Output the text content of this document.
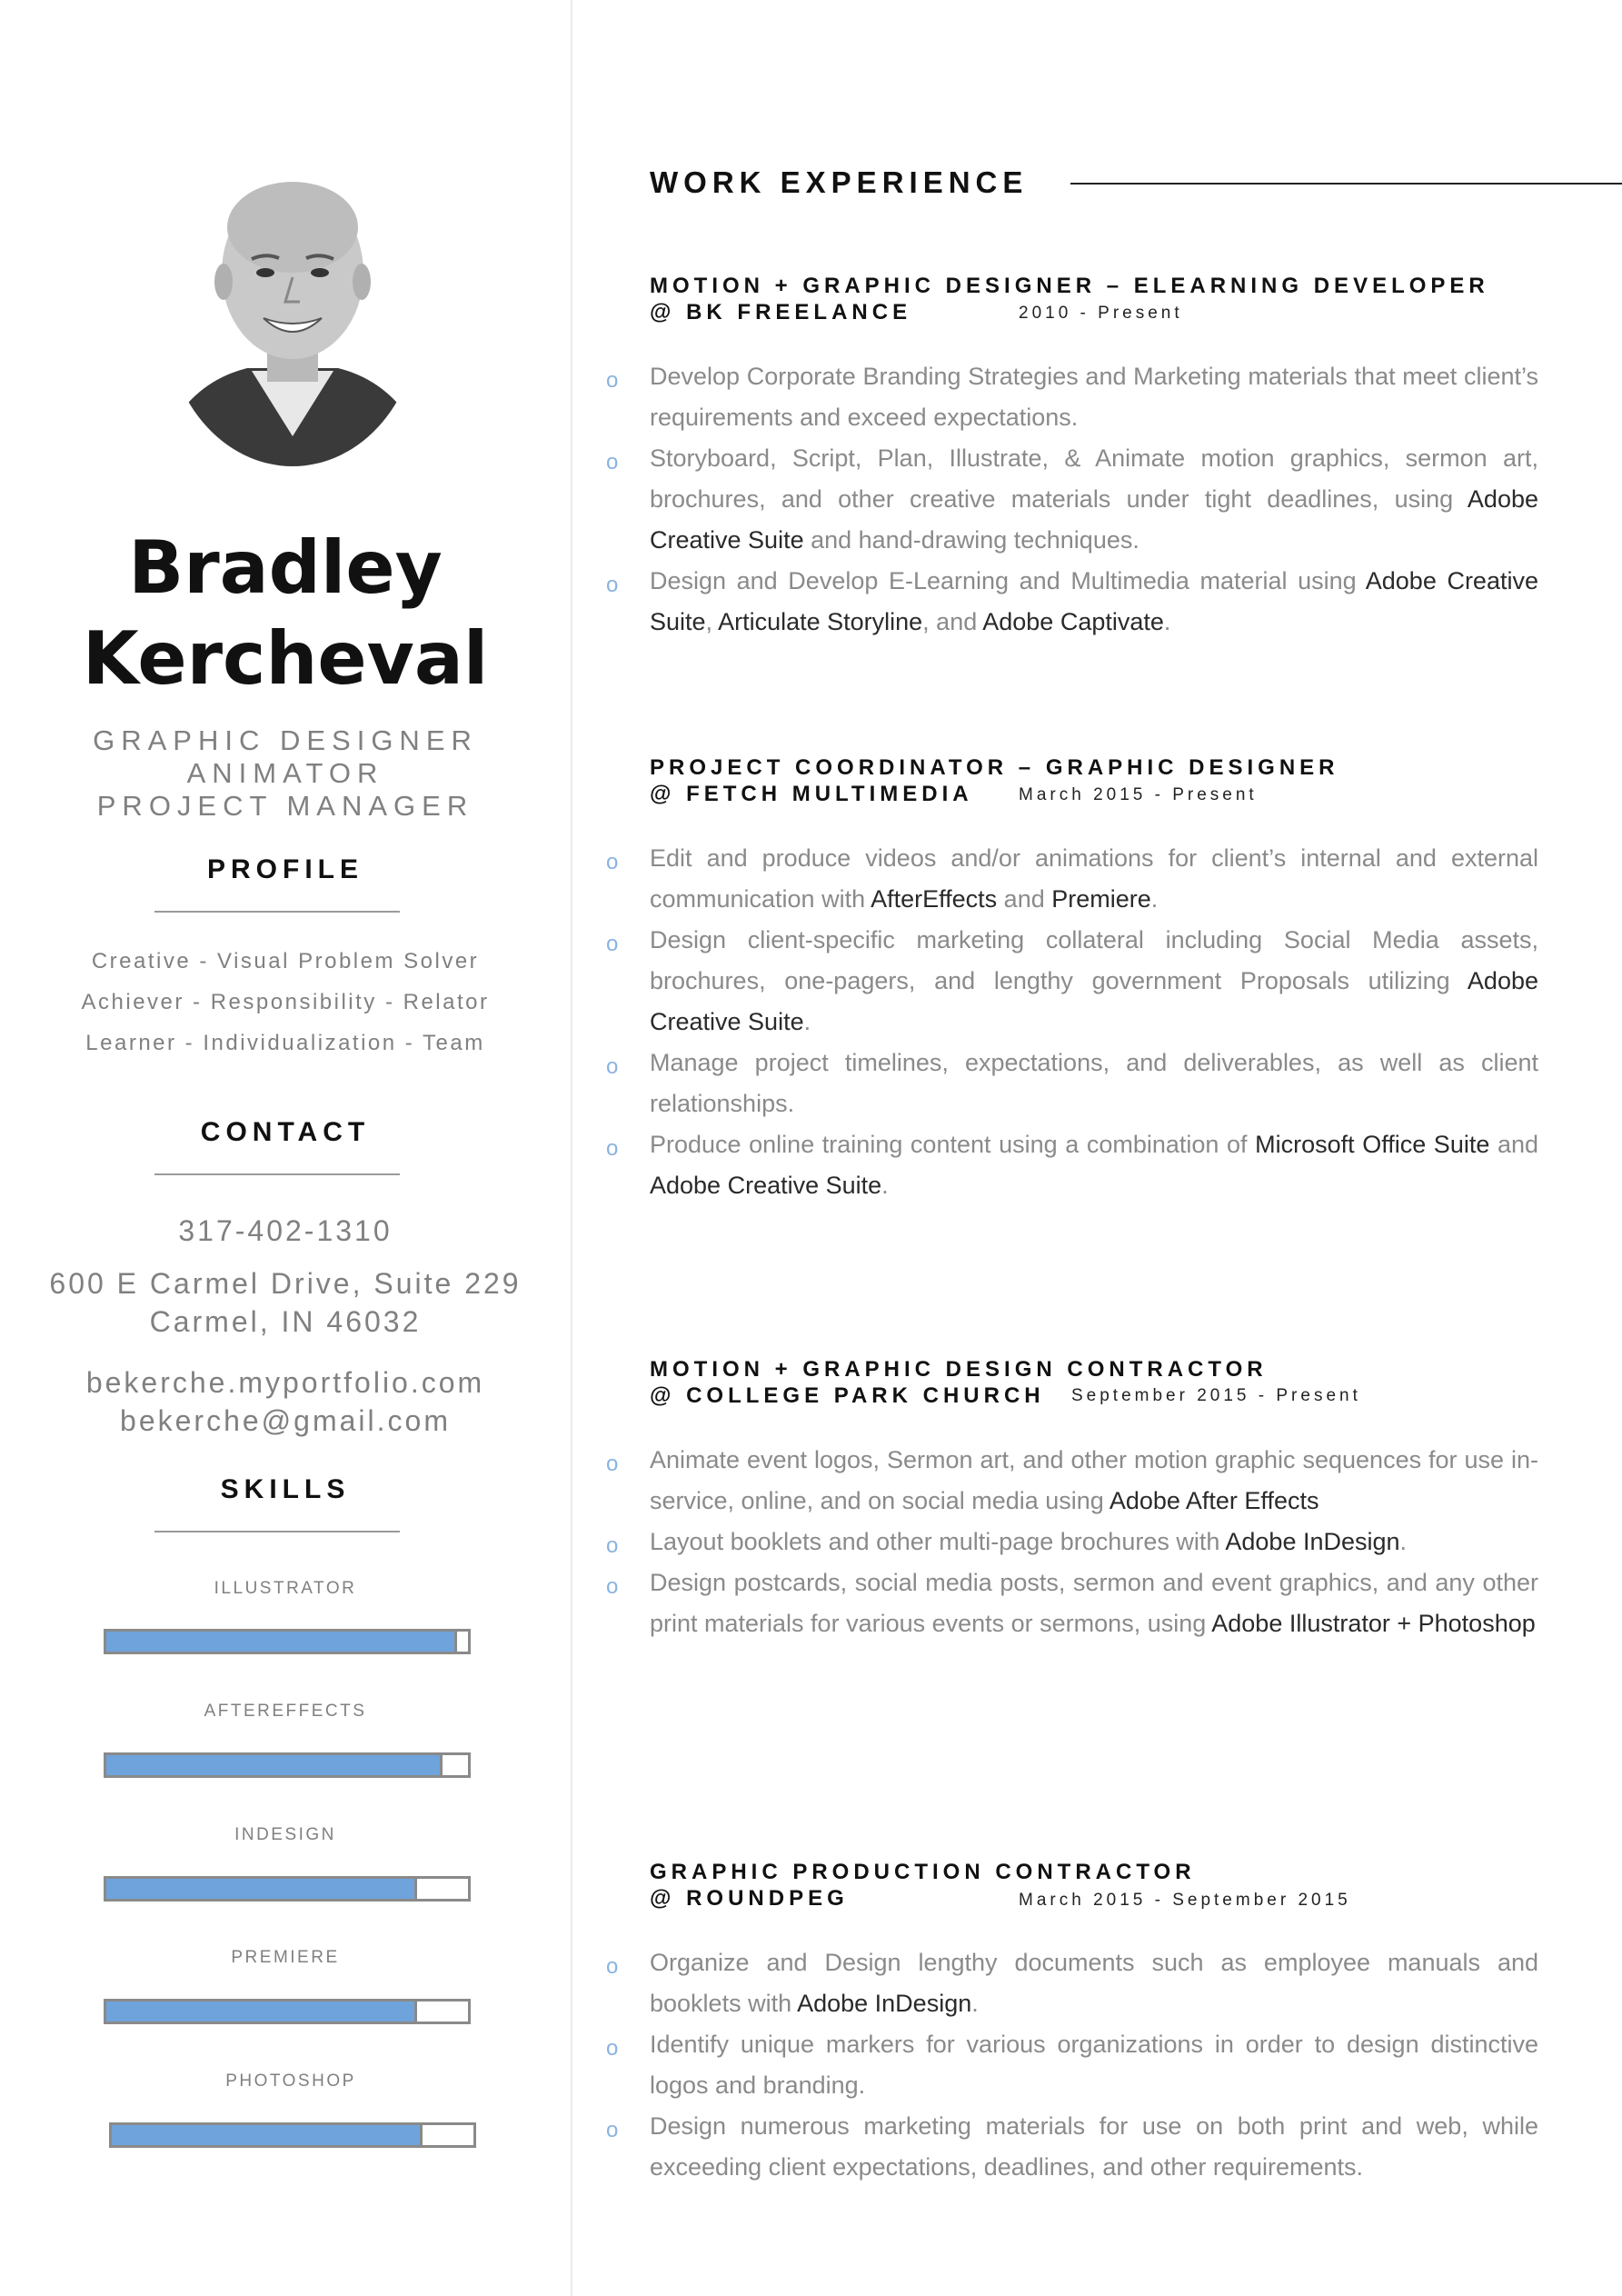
Bradley
Kercheval
GRAPHIC DESIGNER
ANIMATOR
PROJECT MANAGER
PROFILE
Creative - Visual Problem Solver
Achiever - Responsibility - Relator
Learner - Individualization - Team
CONTACT
317-402-1310
600 E Carmel Drive, Suite 229
Carmel, IN 46032
bekerche.myportfolio.com
bekerche@gmail.com
SKILLS
ILLUSTRATOR
AFTEREFFECTS
INDESIGN
PREMIERE
PHOTOSHOP
WORK EXPERIENCE
MOTION + GRAPHIC DESIGNER – ELEARNING DEVELOPER
@ BK FREELANCE	2010 - Present
o Develop Corporate Branding Strategies and Marketing materials that meet client’s requirements and exceed expectations.
o Storyboard, Script, Plan, Illustrate, & Animate motion graphics, sermon art, brochures, and other creative materials under tight deadlines, using Adobe Creative Suite and hand-drawing techniques.
o Design and Develop E-Learning and Multimedia material using Adobe Creative Suite, Articulate Storyline, and Adobe Captivate.
PROJECT COORDINATOR – GRAPHIC DESIGNER
@ FETCH MULTIMEDIA	March 2015 - Present
o Edit and produce videos and/or animations for client’s internal and external communication with AfterEffects and Premiere.
o Design client-specific marketing collateral including Social Media assets, brochures, one-pagers, and lengthy government Proposals utilizing Adobe Creative Suite.
o Manage project timelines, expectations, and deliverables, as well as client relationships.
o Produce online training content using a combination of Microsoft Office Suite and Adobe Creative Suite.
MOTION + GRAPHIC DESIGN CONTRACTOR
@ COLLEGE PARK CHURCH September 2015 - Present
o Animate event logos, Sermon art, and other motion graphic sequences for use in-service, online, and on social media using Adobe After Effects
o Layout booklets and other multi-page brochures with Adobe InDesign.
o Design postcards, social media posts, sermon and event graphics, and any other print materials for various events or sermons, using Adobe Illustrator + Photoshop
GRAPHIC PRODUCTION CONTRACTOR
@ ROUNDPEG	March 2015 - September 2015
o Organize and Design lengthy documents such as employee manuals and booklets with Adobe InDesign.
o Identify unique markers for various organizations in order to design distinctive logos and branding.
o Design numerous marketing materials for use on both print and web, while exceeding client expectations, deadlines, and other requirements.
